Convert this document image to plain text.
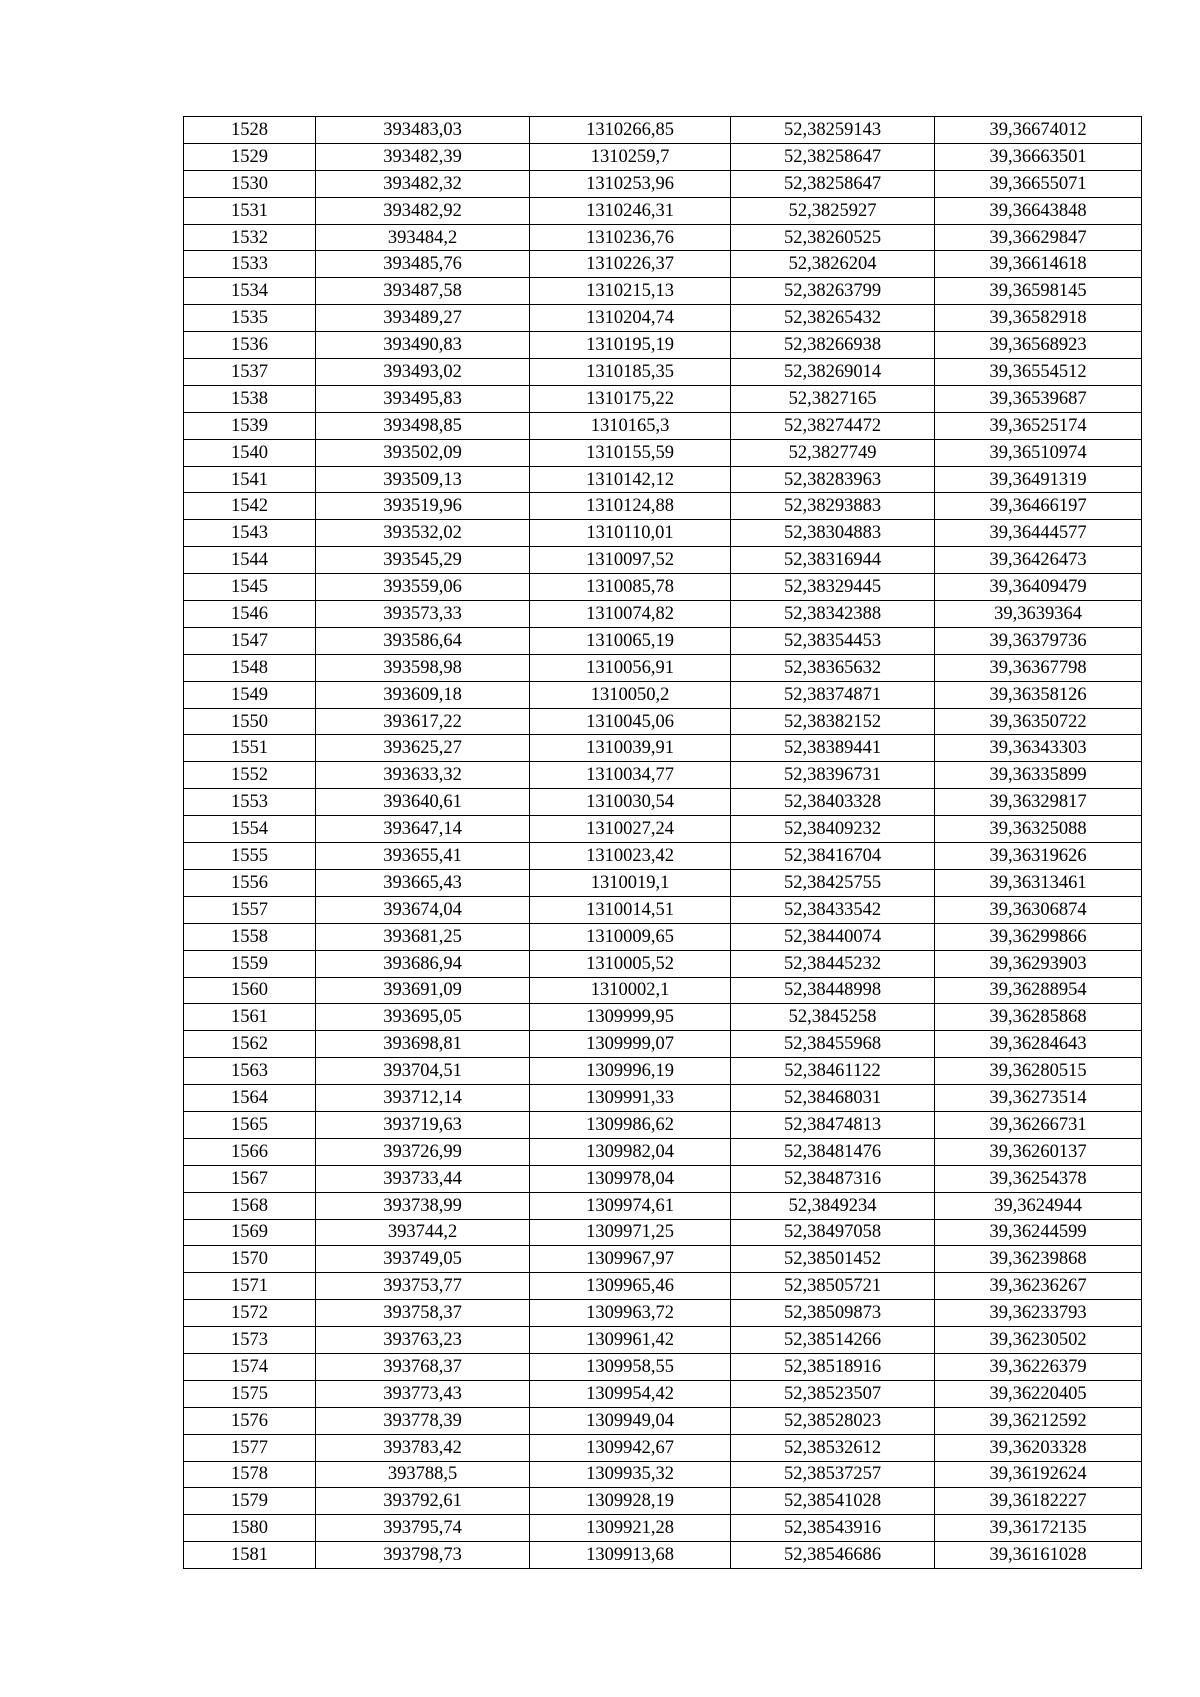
1528	393483,03	1310266,85	52,38259143	39,36674012
1529	393482,39	1310259,7	52,38258647	39,36663501
1530	393482,32	1310253,96	52,38258647	39,36655071
1531	393482,92	1310246,31	52,3825927	39,36643848
1532	393484,2	1310236,76	52,38260525	39,36629847
1533	393485,76	1310226,37	52,3826204	39,36614618
1534	393487,58	1310215,13	52,38263799	39,36598145
1535	393489,27	1310204,74	52,38265432	39,36582918
1536	393490,83	1310195,19	52,38266938	39,36568923
1537	393493,02	1310185,35	52,38269014	39,36554512
1538	393495,83	1310175,22	52,3827165	39,36539687
1539	393498,85	1310165,3	52,38274472	39,36525174
1540	393502,09	1310155,59	52,3827749	39,36510974
1541	393509,13	1310142,12	52,38283963	39,36491319
1542	393519,96	1310124,88	52,38293883	39,36466197
1543	393532,02	1310110,01	52,38304883	39,36444577
1544	393545,29	1310097,52	52,38316944	39,36426473
1545	393559,06	1310085,78	52,38329445	39,36409479
1546	393573,33	1310074,82	52,38342388	39,3639364
1547	393586,64	1310065,19	52,38354453	39,36379736
1548	393598,98	1310056,91	52,38365632	39,36367798
1549	393609,18	1310050,2	52,38374871	39,36358126
1550	393617,22	1310045,06	52,38382152	39,36350722
1551	393625,27	1310039,91	52,38389441	39,36343303
1552	393633,32	1310034,77	52,38396731	39,36335899
1553	393640,61	1310030,54	52,38403328	39,36329817
1554	393647,14	1310027,24	52,38409232	39,36325088
1555	393655,41	1310023,42	52,38416704	39,36319626
1556	393665,43	1310019,1	52,38425755	39,36313461
1557	393674,04	1310014,51	52,38433542	39,36306874
1558	393681,25	1310009,65	52,38440074	39,36299866
1559	393686,94	1310005,52	52,38445232	39,36293903
1560	393691,09	1310002,1	52,38448998	39,36288954
1561	393695,05	1309999,95	52,3845258	39,36285868
1562	393698,81	1309999,07	52,38455968	39,36284643
1563	393704,51	1309996,19	52,38461122	39,36280515
1564	393712,14	1309991,33	52,38468031	39,36273514
1565	393719,63	1309986,62	52,38474813	39,36266731
1566	393726,99	1309982,04	52,38481476	39,36260137
1567	393733,44	1309978,04	52,38487316	39,36254378
1568	393738,99	1309974,61	52,3849234	39,3624944
1569	393744,2	1309971,25	52,38497058	39,36244599
1570	393749,05	1309967,97	52,38501452	39,36239868
1571	393753,77	1309965,46	52,38505721	39,36236267
1572	393758,37	1309963,72	52,38509873	39,36233793
1573	393763,23	1309961,42	52,38514266	39,36230502
1574	393768,37	1309958,55	52,38518916	39,36226379
1575	393773,43	1309954,42	52,38523507	39,36220405
1576	393778,39	1309949,04	52,38528023	39,36212592
1577	393783,42	1309942,67	52,38532612	39,36203328
1578	393788,5	1309935,32	52,38537257	39,36192624
1579	393792,61	1309928,19	52,38541028	39,36182227
1580	393795,74	1309921,28	52,38543916	39,36172135
1581	393798,73	1309913,68	52,38546686	39,36161028
